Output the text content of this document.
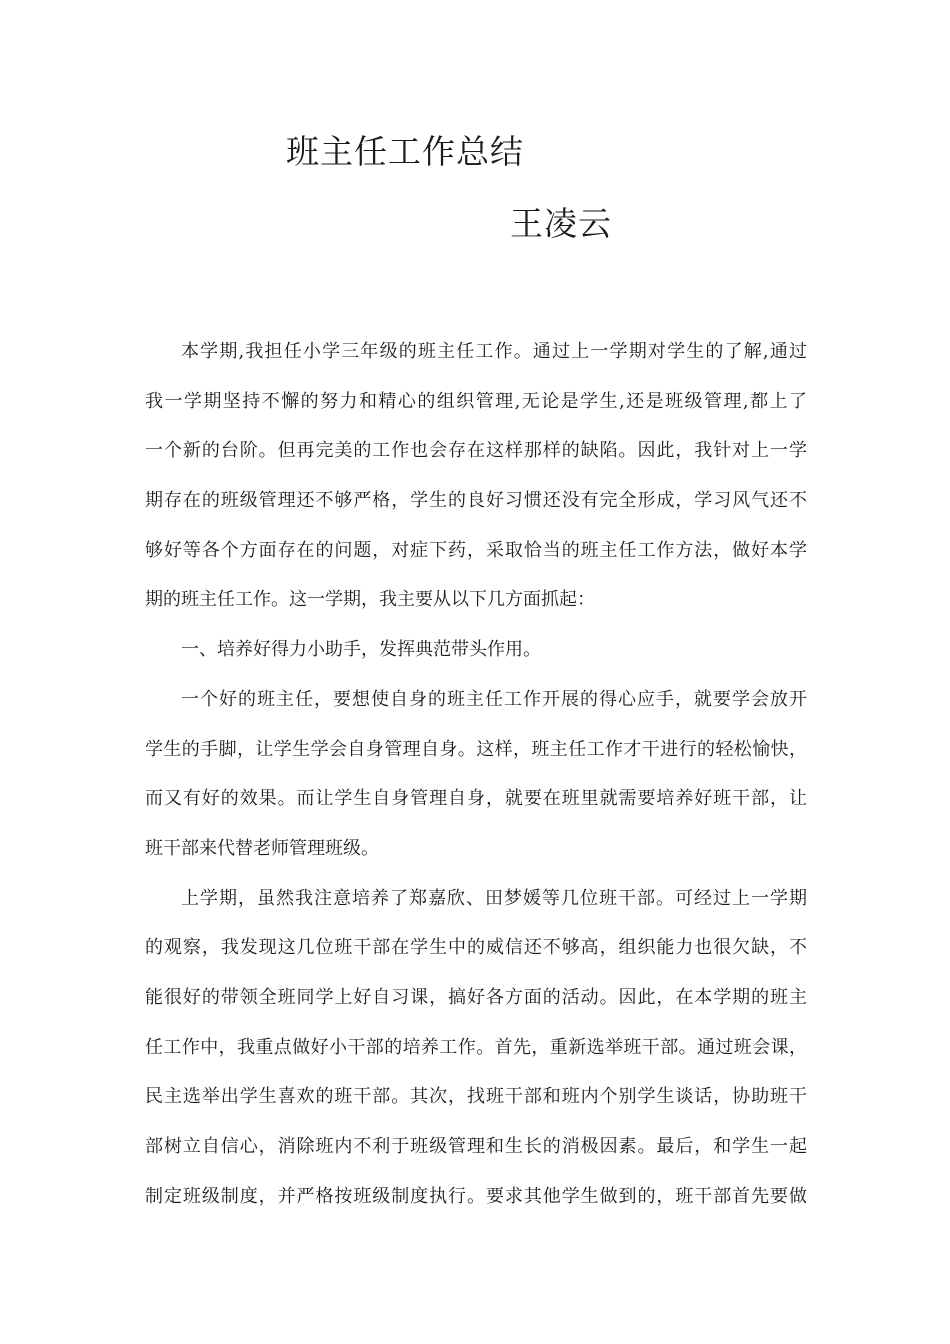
班主任工作总结
王凌云
本学期,我担任小学三年级的班主任工作。通过上一学期对学生的了解,通过
我一学期坚持不懈的努力和精心的组织管理,无论是学生,还是班级管理,都上了
一个新的台阶。但再完美的工作也会存在这样那样的缺陷。因此，我针对上一学
期存在的班级管理还不够严格，学生的良好习惯还没有完全形成，学习风气还不
够好等各个方面存在的问题，对症下药，采取恰当的班主任工作方法，做好本学
期的班主任工作。这一学期，我主要从以下几方面抓起：
一、培养好得力小助手，发挥典范带头作用。
一个好的班主任，要想使自身的班主任工作开展的得心应手，就要学会放开
学生的手脚，让学生学会自身管理自身。这样，班主任工作才干进行的轻松愉快，
而又有好的效果。而让学生自身管理自身，就要在班里就需要培养好班干部，让
班干部来代替老师管理班级。
上学期，虽然我注意培养了郑嘉欣、田梦媛等几位班干部。可经过上一学期
的观察，我发现这几位班干部在学生中的威信还不够高，组织能力也很欠缺，不
能很好的带领全班同学上好自习课，搞好各方面的活动。因此，在本学期的班主
任工作中，我重点做好小干部的培养工作。首先，重新选举班干部。通过班会课，
民主选举出学生喜欢的班干部。其次，找班干部和班内个别学生谈话，协助班干
部树立自信心，消除班内不利于班级管理和生长的消极因素。最后，和学生一起
制定班级制度，并严格按班级制度执行。要求其他学生做到的，班干部首先要做
